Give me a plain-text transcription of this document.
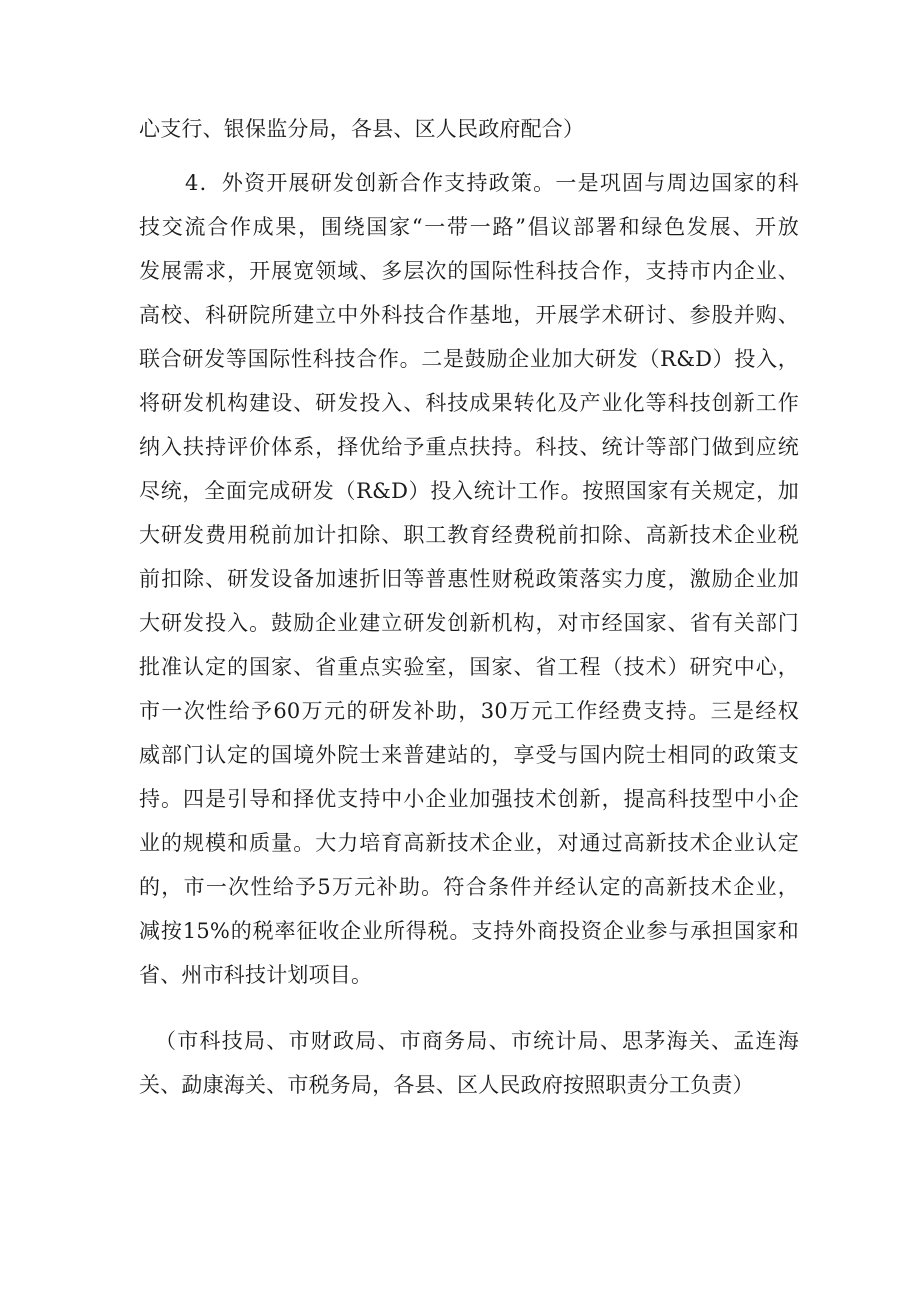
心支行、银保监分局，各县、区人民政府配合）
4．外资开展研发创新合作支持政策。一是巩固与周边国家的科
技交流合作成果，围绕国家“一带一路”倡议部署和绿色发展、开放
发展需求，开展宽领域、多层次的国际性科技合作，支持市内企业、
高校、科研院所建立中外科技合作基地，开展学术研讨、参股并购、
联合研发等国际性科技合作。二是鼓励企业加大研发（R&D）投入，
将研发机构建设、研发投入、科技成果转化及产业化等科技创新工作
纳入扶持评价体系，择优给予重点扶持。科技、统计等部门做到应统
尽统，全面完成研发（R&D）投入统计工作。按照国家有关规定，加
大研发费用税前加计扣除、职工教育经费税前扣除、高新技术企业税
前扣除、研发设备加速折旧等普惠性财税政策落实力度，激励企业加
大研发投入。鼓励企业建立研发创新机构，对市经国家、省有关部门
批准认定的国家、省重点实验室，国家、省工程（技术）研究中心，
市一次性给予60万元的研发补助，30万元工作经费支持。三是经权
威部门认定的国境外院士来普建站的，享受与国内院士相同的政策支
持。四是引导和择优支持中小企业加强技术创新，提高科技型中小企
业的规模和质量。大力培育高新技术企业，对通过高新技术企业认定
的，市一次性给予5万元补助。符合条件并经认定的高新技术企业，
减按15%的税率征收企业所得税。支持外商投资企业参与承担国家和
省、州市科技计划项目。
（市科技局、市财政局、市商务局、市统计局、思茅海关、孟连海
关、勐康海关、市税务局，各县、区人民政府按照职责分工负责）
